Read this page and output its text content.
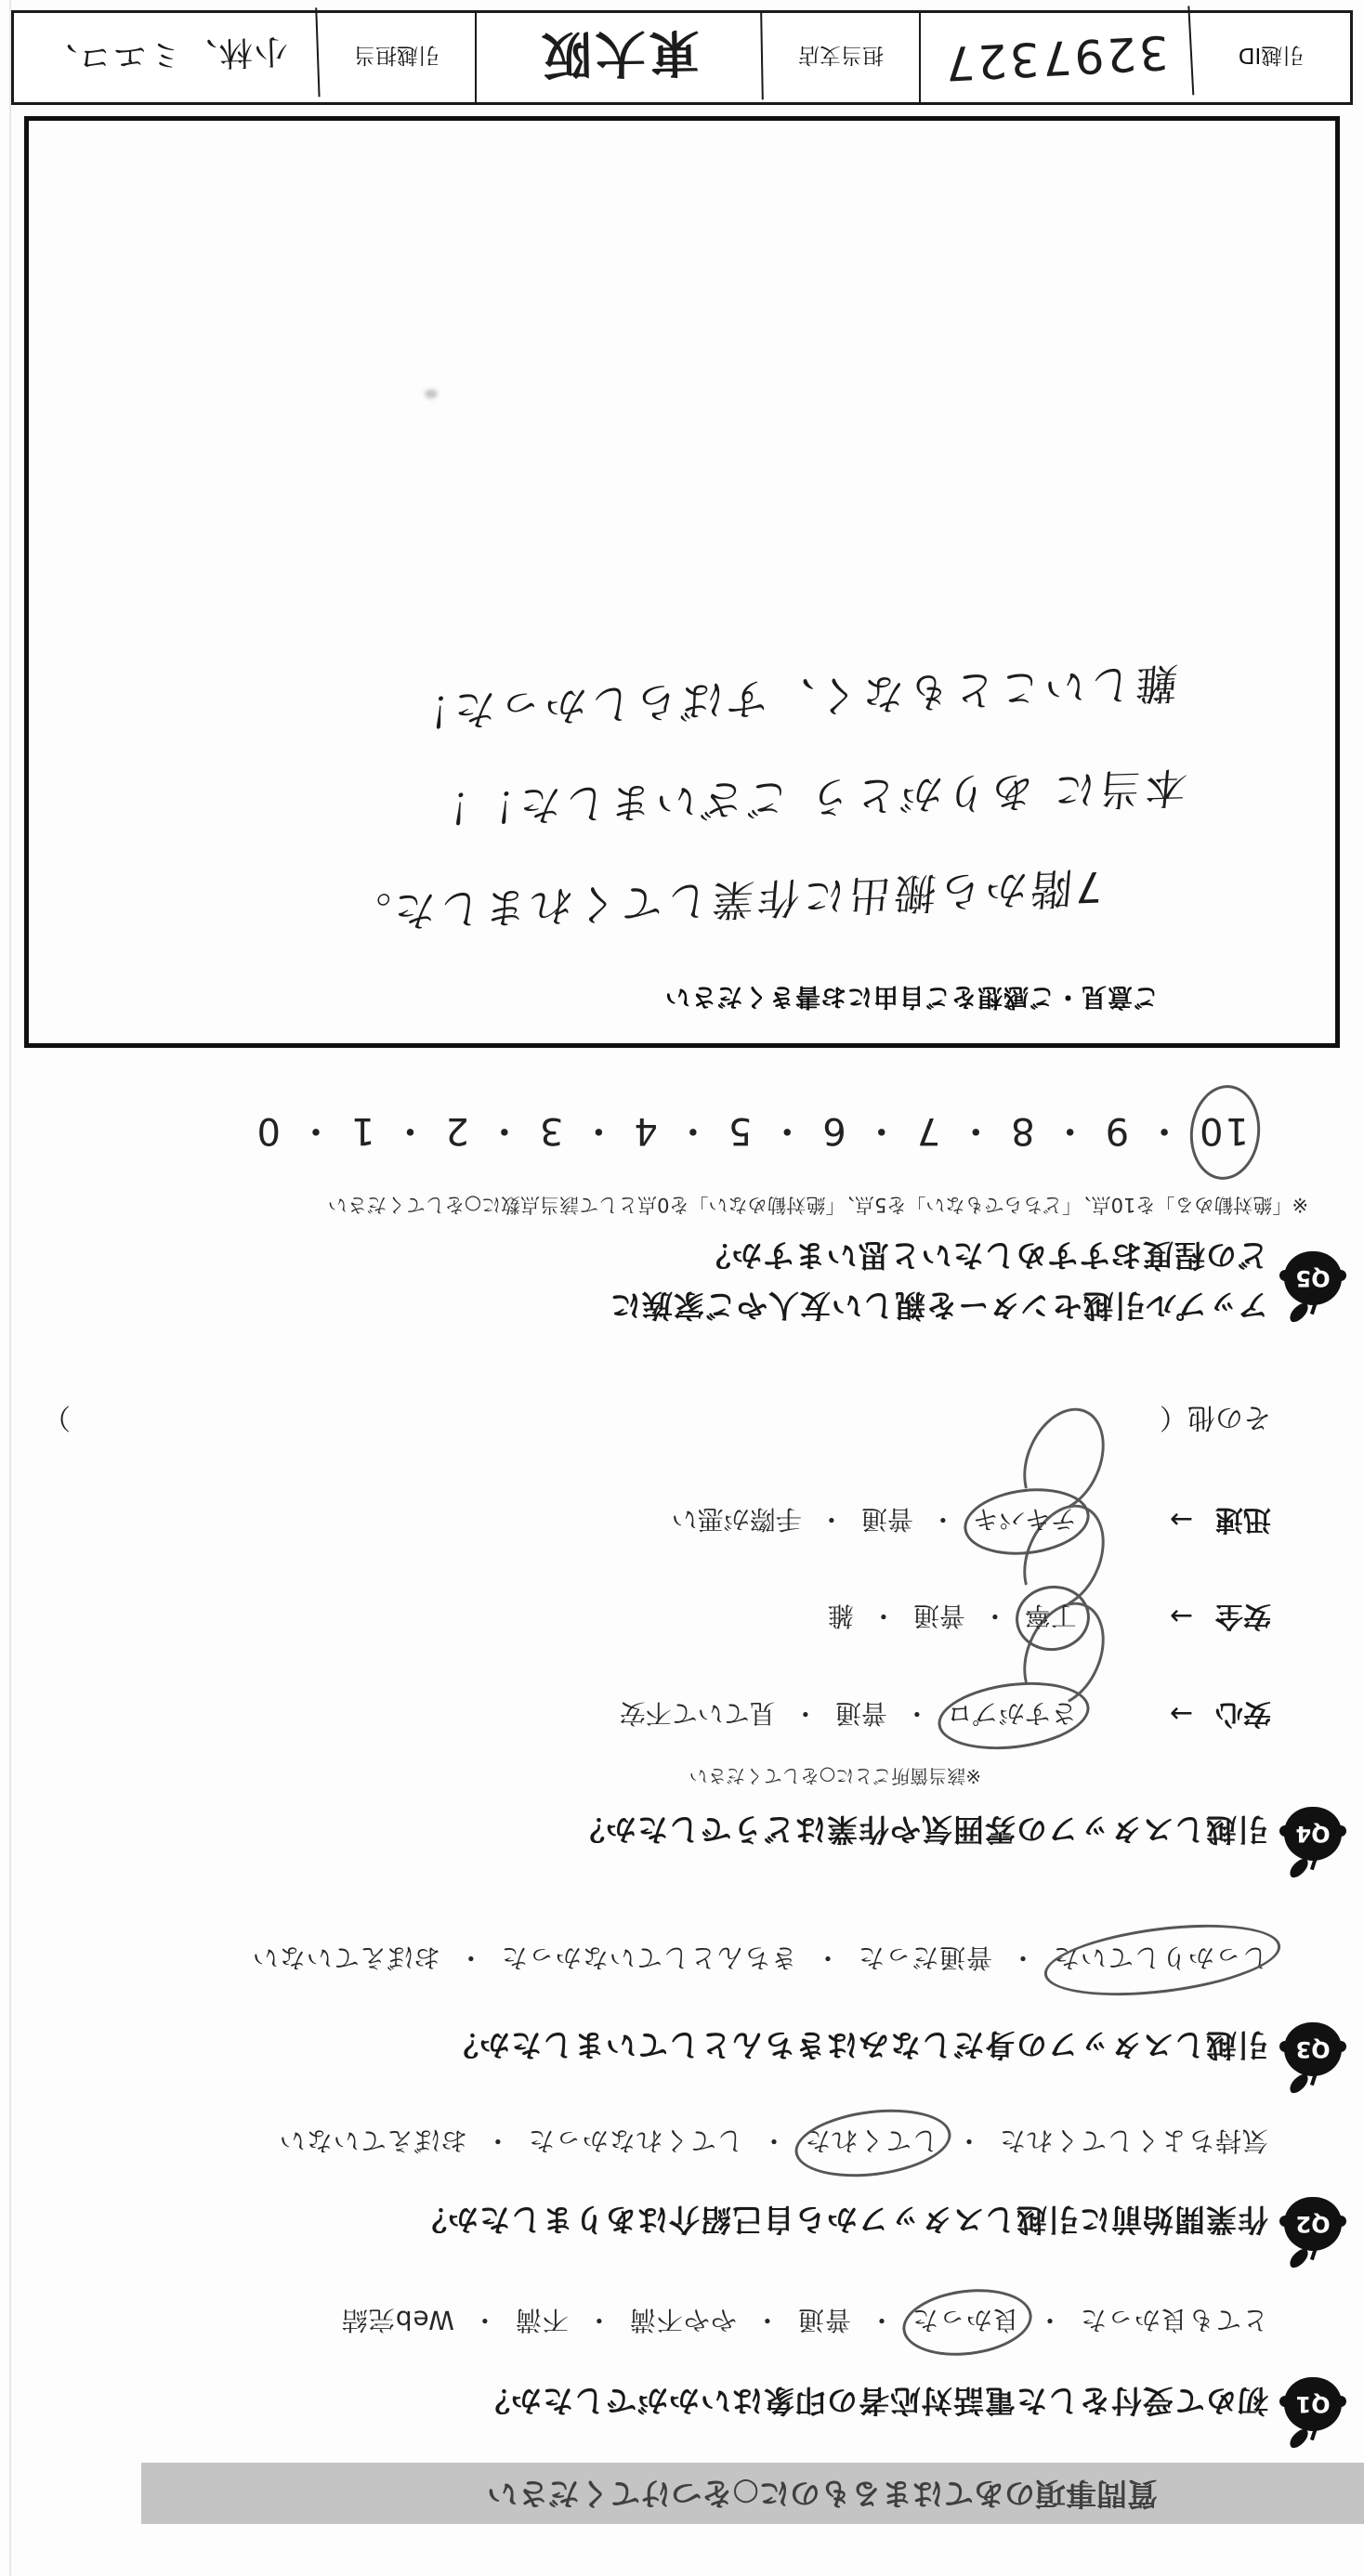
質問事項のあてはまるものに○をつけてください
Q1
初めて受付をした電話対応者の印象はいかがでしたか？
とても良かった・良かった・普通・やや不満・不満・Web完結
Q2
作業開始前に引越しスタッフから自己紹介はありましたか？
気持ちよくしてくれた・してくれた・してくれなかった・おぼえていない
Q3
引越しスタッフの身だしなみはきちんとしていましたか？
しっかりしていた・普通だった・きちんとしていなかった・おぼえていない
Q4
引越しスタッフの雰囲気や作業はどうでしたか？
※該当箇所ごとに○をしてください
安心→さすがプロ・普通・見ていて不安
安全→丁寧・普通・雑
迅速→テキパキ・普通・手際が悪い
その他（
）
Q5
アップル引越センターを親しい友人やご家族に
どの程度おすすめしたいと思いますか？
※「絶対勧める」を10点、「どちらでもない」を5点、「絶対勧めない」を0点として該当点数に○をしてください
10・9・8・7・6・5・4・3・2・1・0
ご意見・ご感想をご自由にお書きください
7階から搬出に作業してくれました。
本当に ありがとう ございました！！
難しいこともなく、すばらしかった！
引越ID
3297327
担当支店
東大阪
引越担当
小林、ミエコ、
